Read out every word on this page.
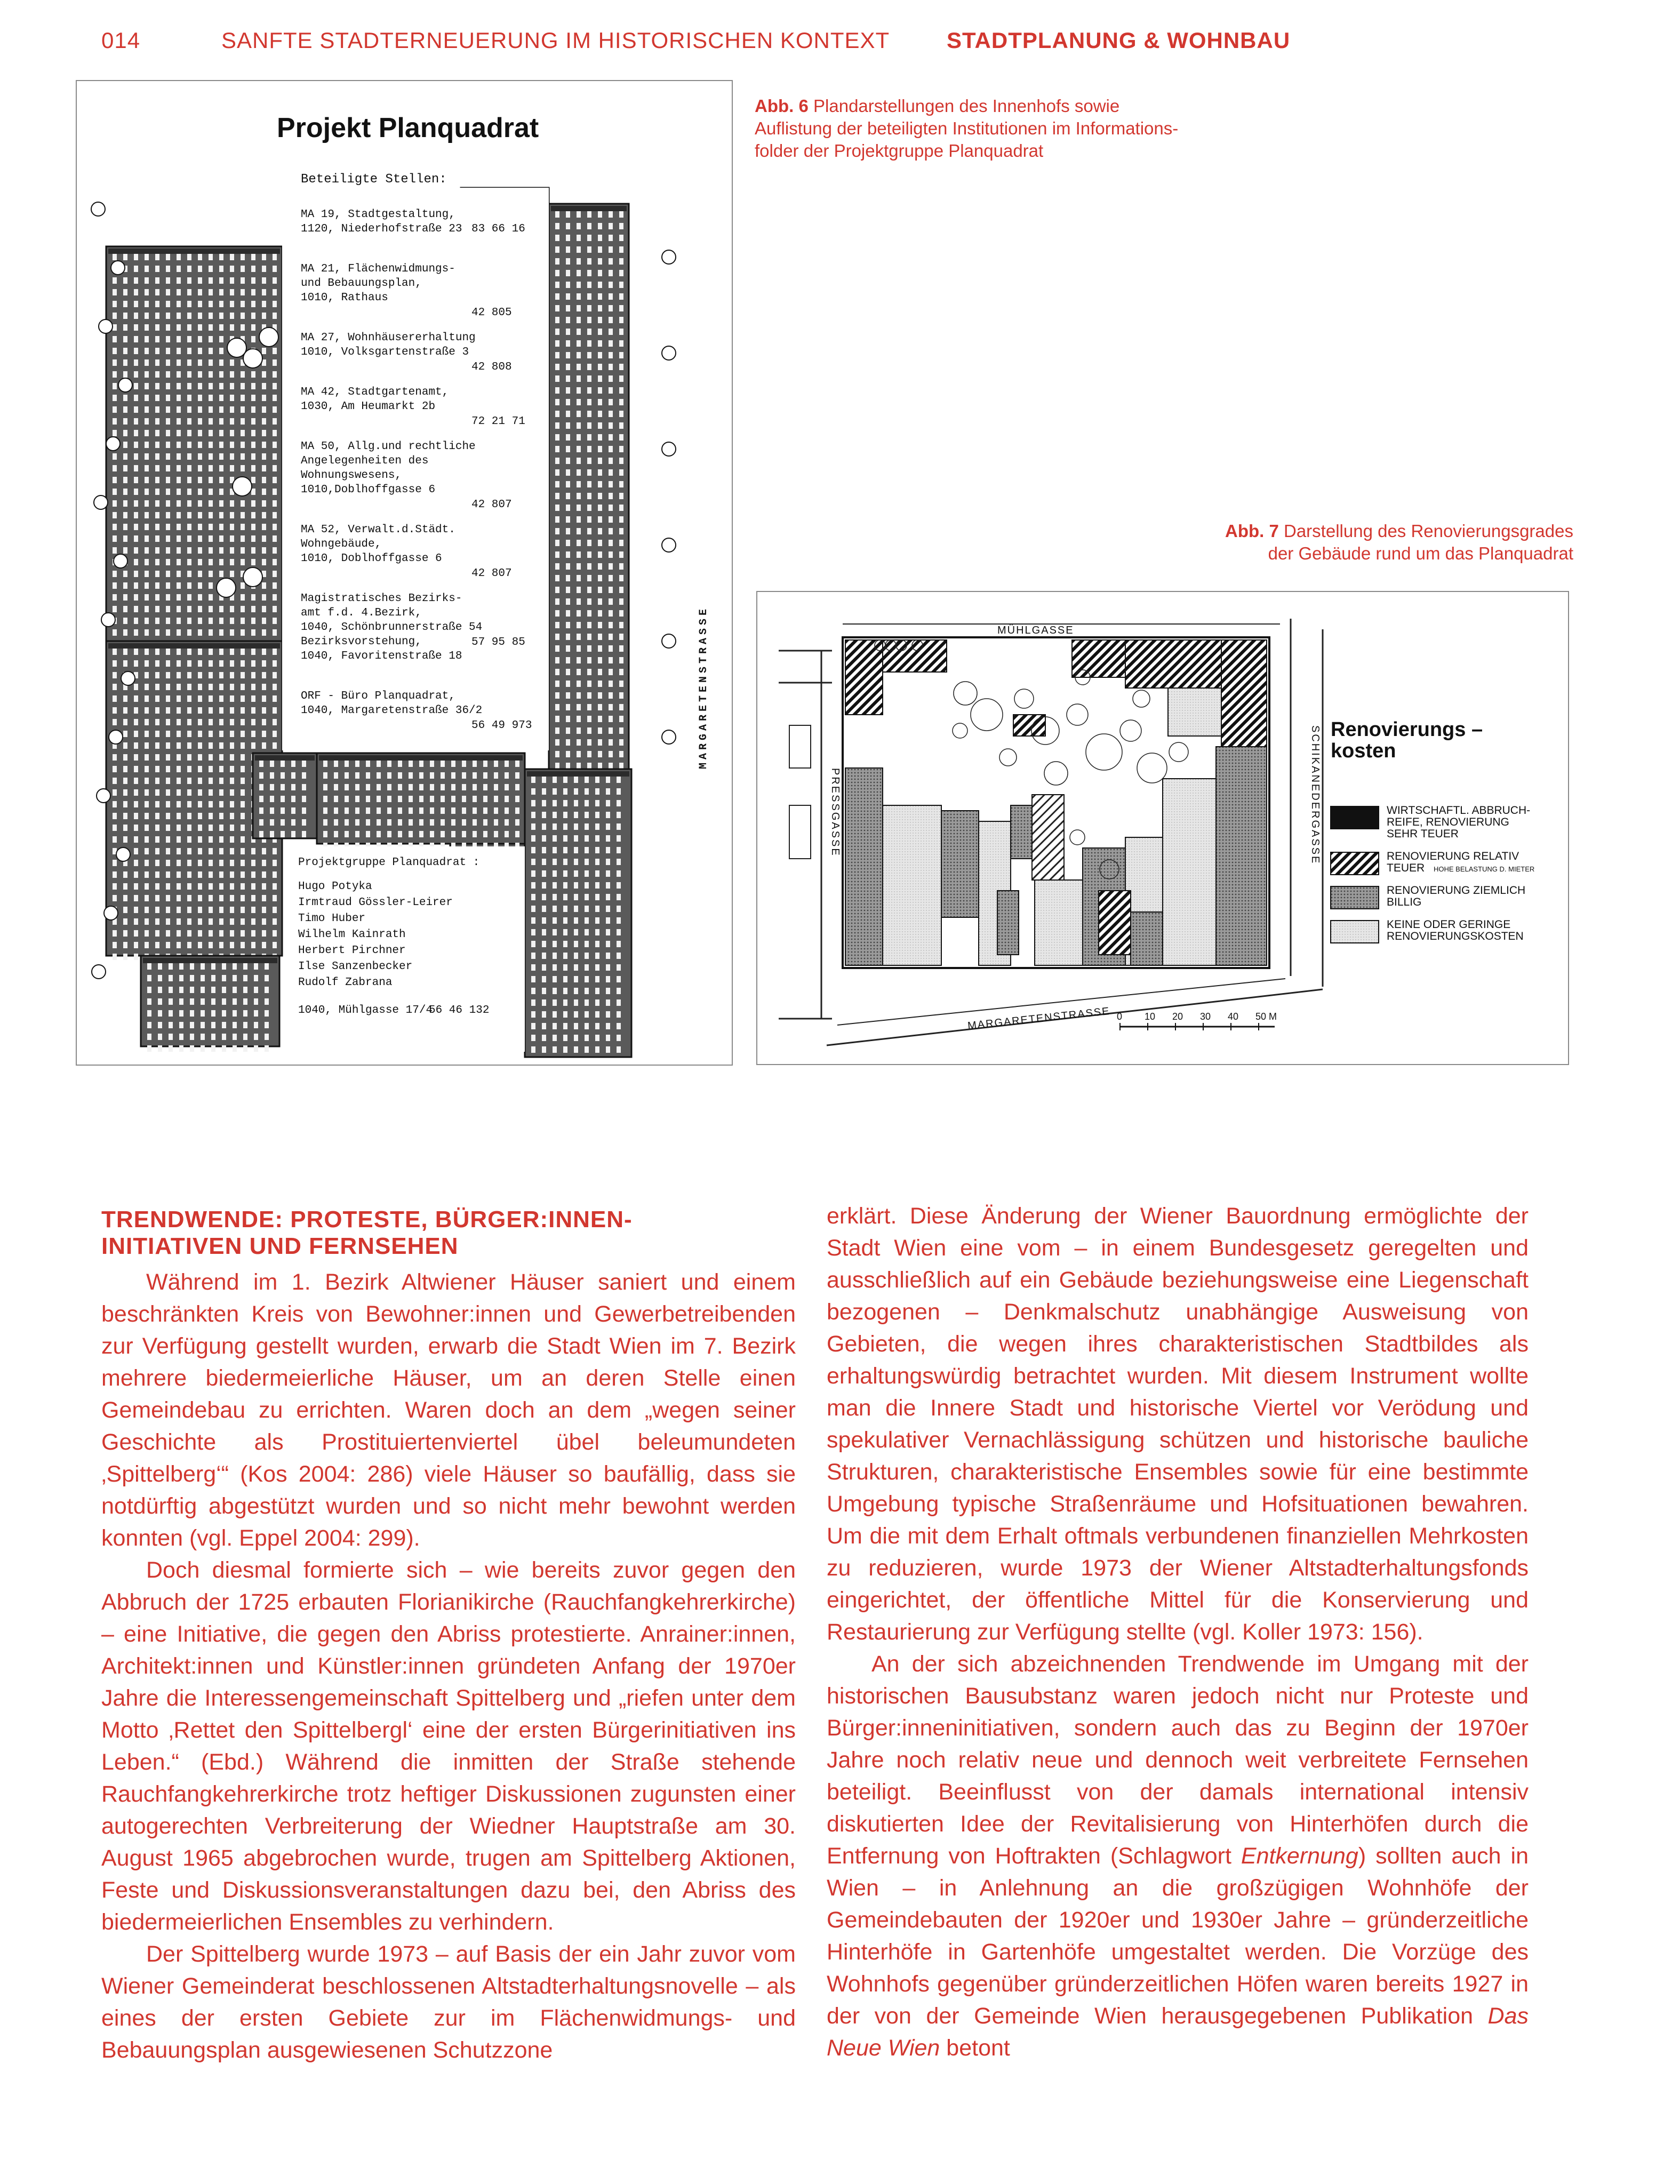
014	SANFTE STADTERNEUERUNG IM HISTORISCHEN KONTEXT	STADTPLANUNG & WOHNBAU
Projekt Planquadrat
Beteiligte Stellen:
MA 19, Stadtgestaltung,
1120, Niederhofstraße 23 83 66 16
MA 21, Flächenwidmungs-
und Bebauungsplan,
1010, Rathaus
42 805
MA 27, Wohnhäusererhaltung
1010, Volksgartenstraße 3
42 808
MA 42, Stadtgartenamt,
1030, Am Heumarkt 2b
72 21 71
MA 50, Allg.und rechtliche
Angelegenheiten des
Wohnungswesens,
1010,Doblhoffgasse 6
42 807
MA 52, Verwalt.d.Städt.
Wohngebäude,
1010, Doblhoffgasse 6
42 807
Magistratisches Bezirks-
amt f.d. 4.Bezirk,
1040, Schönbrunnerstraße 54
Bezirksvorstehung,
1040, Favoritenstraße 18
57 95 85
ORF - Büro Planquadrat,
1040, Margaretenstraße 36/2
56 49 973
Projektgruppe Planquadrat :
Hugo Potyka
Irmtraud Gössler-Leirer
Timo Huber
Wilhelm Kainrath
Herbert Pirchner
Ilse Sanzenbecker
Rudolf Zabrana
1040, Mühlgasse 17/4
56 46 132
MARGARETENSTRASSE
Abb. 6 Plandarstellungen des Innenhofs sowie
Auflistung der beteiligten Institutionen im Informations-
folder der Projektgruppe Planquadrat
Abb. 7 Darstellung des Renovierungsgrades
der Gebäude rund um das Planquadrat
MÜHLGASSE
PRESSGASSE	SCHIKANEDERGASSE
MARGARETENSTRASSE 0 10 20 30 40 50 M
Renovierungs –
kosten
WIRTSCHAFTL. ABBRUCH-
REIFE, RENOVIERUNG
SEHR TEUER
RENOVIERUNG RELATIV
TEUER HOHE BELASTUNG D. MIETER
RENOVIERUNG ZIEMLICH
BILLIG
KEINE ODER GERINGE
RENOVIERUNGSKOSTEN
TRENDWENDE: PROTESTE, BÜRGER:INNEN-
INITIATIVEN UND FERNSEHEN

Während im 1. Bezirk Altwiener Häuser saniert und einem beschränkten Kreis von Bewohner:innen und Gewerbetreibenden zur Verfügung gestellt wurden, erwarb die Stadt Wien im 7. Bezirk mehrere biedermeierliche Häuser, um an deren Stelle einen Gemeindebau zu errichten. Waren doch an dem „wegen seiner Geschichte als Prostituiertenviertel übel beleumundeten ‚Spittelberg‘“ (Kos 2004: 286) viele Häuser so baufällig, dass sie notdürftig abgestützt wurden und so nicht mehr bewohnt werden konnten (vgl. Eppel 2004: 299).

Doch diesmal formierte sich – wie bereits zuvor gegen den Abbruch der 1725 erbauten Florianikirche (Rauchfangkehrerkirche) – eine Initiative, die gegen den Abriss protestierte. Anrainer:innen, Architekt:innen und Künstler:innen gründeten Anfang der 1970er Jahre die Interessengemeinschaft Spittelberg und „riefen unter dem Motto ‚Rettet den Spittelbergl‘ eine der ersten Bürgerinitiativen ins Leben.“ (Ebd.) Während die inmitten der Straße stehende Rauchfangkehrerkirche trotz heftiger Diskussionen zugunsten einer autogerechten Verbreiterung der Wiedner Hauptstraße am 30. August 1965 abgebrochen wurde, trugen am Spittelberg Aktionen, Feste und Diskussionsveranstaltungen dazu bei, den Abriss des biedermeierlichen Ensembles zu verhindern.

Der Spittelberg wurde 1973 – auf Basis der ein Jahr zuvor vom Wiener Gemeinderat beschlossenen Altstadterhaltungsnovelle – als eines der ersten Gebiete zur im Flächenwidmungs- und Bebauungsplan ausgewiesenen Schutzzone

erklärt. Diese Änderung der Wiener Bauordnung ermöglichte der Stadt Wien eine vom – in einem Bundesgesetz geregelten und ausschließlich auf ein Gebäude beziehungsweise eine Liegenschaft bezogenen – Denkmalschutz unabhängige Ausweisung von Gebieten, die wegen ihres charakteristischen Stadtbildes als erhaltungswürdig betrachtet wurden. Mit diesem Instrument wollte man die Innere Stadt und historische Viertel vor Verödung und spekulativer Vernachlässigung schützen und historische bauliche Strukturen, charakteristische Ensembles sowie für eine bestimmte Umgebung typische Straßenräume und Hofsituationen bewahren. Um die mit dem Erhalt oftmals verbundenen finanziellen Mehrkosten zu reduzieren, wurde 1973 der Wiener Altstadterhaltungsfonds eingerichtet, der öffentliche Mittel für die Konservierung und Restaurierung zur Verfügung stellte (vgl. Koller 1973: 156).

An der sich abzeichnenden Trendwende im Umgang mit der historischen Bausubstanz waren jedoch nicht nur Proteste und Bürger:inneninitiativen, sondern auch das zu Beginn der 1970er Jahre noch relativ neue und dennoch weit verbreitete Fernsehen beteiligt. Beeinflusst von der damals international intensiv diskutierten Idee der Revitalisierung von Hinterhöfen durch die Entfernung von Hoftrakten (Schlagwort Entkernung) sollten auch in Wien – in Anlehnung an die großzügigen Wohnhöfe der Gemeindebauten der 1920er und 1930er Jahre – gründerzeitliche Hinterhöfe in Gartenhöfe umgestaltet werden. Die Vorzüge des Wohnhofs gegenüber gründerzeitlichen Höfen waren bereits 1927 in der von der Gemeinde Wien herausgegebenen Publikation Das Neue Wien betont
